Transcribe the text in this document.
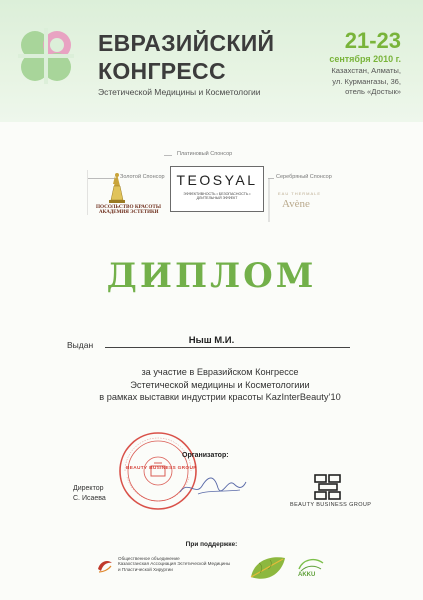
ЕВРАЗИЙСКИЙ
КОНГРЕСС
Эстетической Медицины и Косметологии
21-23
сентября 2010 г.
Казахстан, Алматы,
ул. Курмангазы, 36,
отель «Достык»
Золотой Спонсор
Платиновый Спонсор
Серебряный Спонсор
ПОСОЛЬСТВО КРАСОТЫ
АКАДЕМИЯ ЭСТЕТИКИ
TEOSYAL
ЭФФЕКТИВНОСТЬ • БЕЗОПАСНОСТЬ • ДЛИТЕЛЬНЫЙ ЭФФЕКТ
EAU THERMALE
Avène
ДИПЛОМ
Выдан	Ныш М.И.
за участие в Евразийском Конгрессе
Эстетической медицины и Косметологиии
в рамках выставки индустрии красоты KazInterBeauty’10
BEAUTY BUSINESS GROUP
Организатор:
Директор
С. Исаева
BEAUTY BUSINESS GROUP
При поддержке:
Общественное объединение
Казахстанская Ассоциация Эстетической Медицины
и Пластической Хирургии
AKKU
